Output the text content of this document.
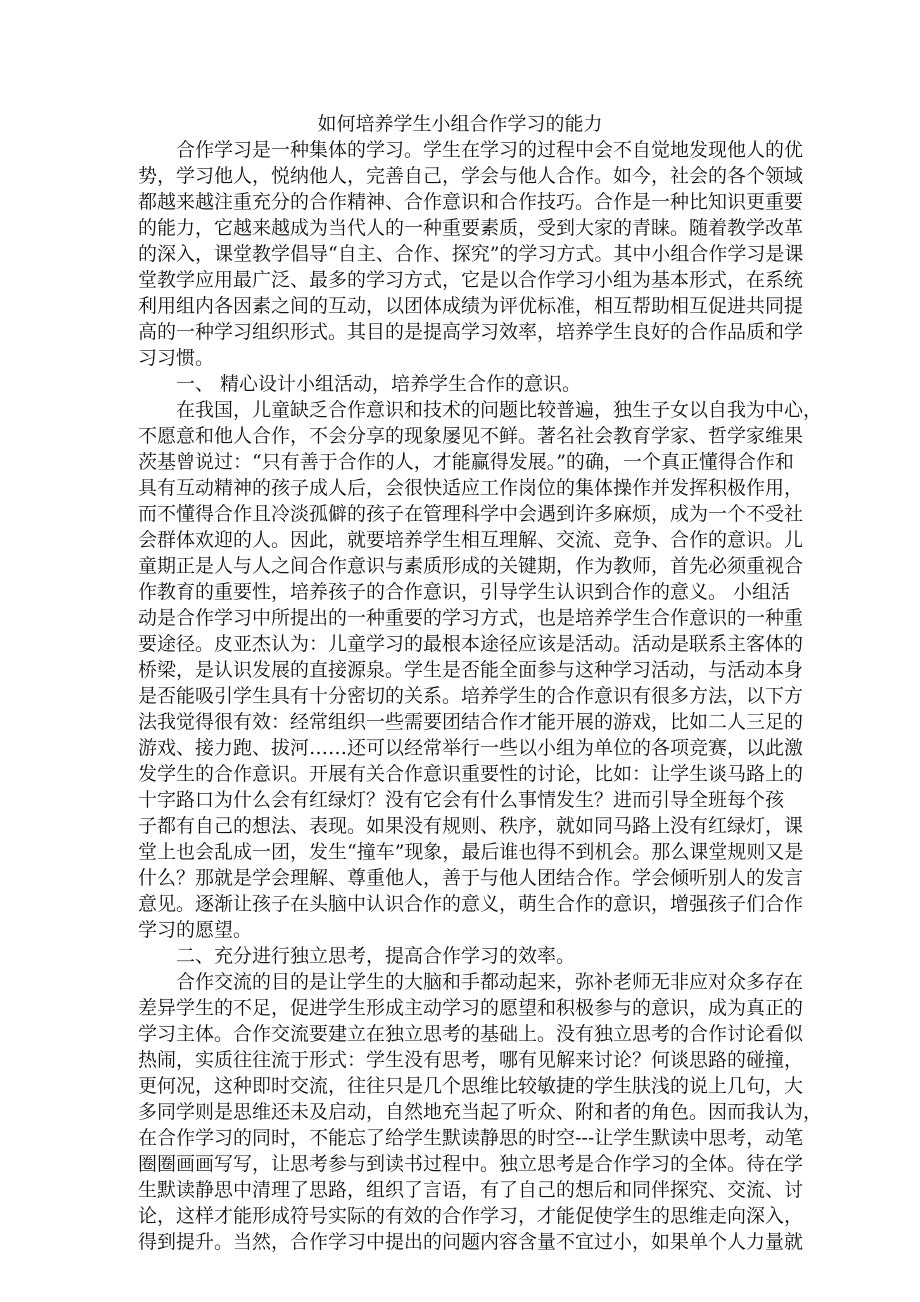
如何培养学生小组合作学习的能力
合作学习是一种集体的学习。学生在学习的过程中会不自觉地发现他人的优
势，学习他人，悦纳他人，完善自己，学会与他人合作。如今，社会的各个领域
都越来越注重充分的合作精神、合作意识和合作技巧。合作是一种比知识更重要
的能力，它越来越成为当代人的一种重要素质，受到大家的青睐。随着教学改革
的深入，课堂教学倡导“自主、合作、探究”的学习方式。其中小组合作学习是课
堂教学应用最广泛、最多的学习方式，它是以合作学习小组为基本形式，在系统
利用组内各因素之间的互动，以团体成绩为评优标准，相互帮助相互促进共同提
高的一种学习组织形式。其目的是提高学习效率，培养学生良好的合作品质和学
习习惯。
一、 精心设计小组活动，培养学生合作的意识。
在我国，儿童缺乏合作意识和技术的问题比较普遍，独生子女以自我为中心，
不愿意和他人合作，不会分享的现象屡见不鲜。著名社会教育学家、哲学家维果
茨基曾说过：“只有善于合作的人，才能赢得发展。”的确，一个真正懂得合作和
具有互动精神的孩子成人后，会很快适应工作岗位的集体操作并发挥积极作用，
而不懂得合作且冷淡孤僻的孩子在管理科学中会遇到许多麻烦，成为一个不受社
会群体欢迎的人。因此，就要培养学生相互理解、交流、竞争、合作的意识。儿
童期正是人与人之间合作意识与素质形成的关键期，作为教师，首先必须重视合
作教育的重要性，培养孩子的合作意识，引导学生认识到合作的意义。 小组活
动是合作学习中所提出的一种重要的学习方式，也是培养学生合作意识的一种重
要途径。皮亚杰认为：儿童学习的最根本途径应该是活动。活动是联系主客体的
桥梁，是认识发展的直接源泉。学生是否能全面参与这种学习活动，与活动本身
是否能吸引学生具有十分密切的关系。培养学生的合作意识有很多方法，以下方
法我觉得很有效：经常组织一些需要团结合作才能开展的游戏，比如二人三足的
游戏、接力跑、拔河……还可以经常举行一些以小组为单位的各项竞赛，以此激
发学生的合作意识。开展有关合作意识重要性的讨论，比如：让学生谈马路上的
十字路口为什么会有红绿灯？没有它会有什么事情发生？进而引导全班每个孩
子都有自己的想法、表现。如果没有规则、秩序，就如同马路上没有红绿灯，课
堂上也会乱成一团，发生“撞车”现象，最后谁也得不到机会。那么课堂规则又是
什么？那就是学会理解、尊重他人，善于与他人团结合作。学会倾听别人的发言
意见。逐渐让孩子在头脑中认识合作的意义，萌生合作的意识，增强孩子们合作
学习的愿望。
二、充分进行独立思考，提高合作学习的效率。
合作交流的目的是让学生的大脑和手都动起来，弥补老师无非应对众多存在
差异学生的不足，促进学生形成主动学习的愿望和积极参与的意识，成为真正的
学习主体。合作交流要建立在独立思考的基础上。没有独立思考的合作讨论看似
热闹，实质往往流于形式：学生没有思考，哪有见解来讨论？何谈思路的碰撞，
更何况，这种即时交流，往往只是几个思维比较敏捷的学生肤浅的说上几句，大
多同学则是思维还未及启动，自然地充当起了听众、附和者的角色。因而我认为，
在合作学习的同时，不能忘了给学生默读静思的时空---让学生默读中思考，动笔
圈圈画画写写，让思考参与到读书过程中。独立思考是合作学习的全体。待在学
生默读静思中清理了思路，组织了言语，有了自己的想后和同伴探究、交流、讨
论，这样才能形成符号实际的有效的合作学习，才能促使学生的思维走向深入，
得到提升。当然，合作学习中提出的问题内容含量不宜过小，如果单个人力量就
